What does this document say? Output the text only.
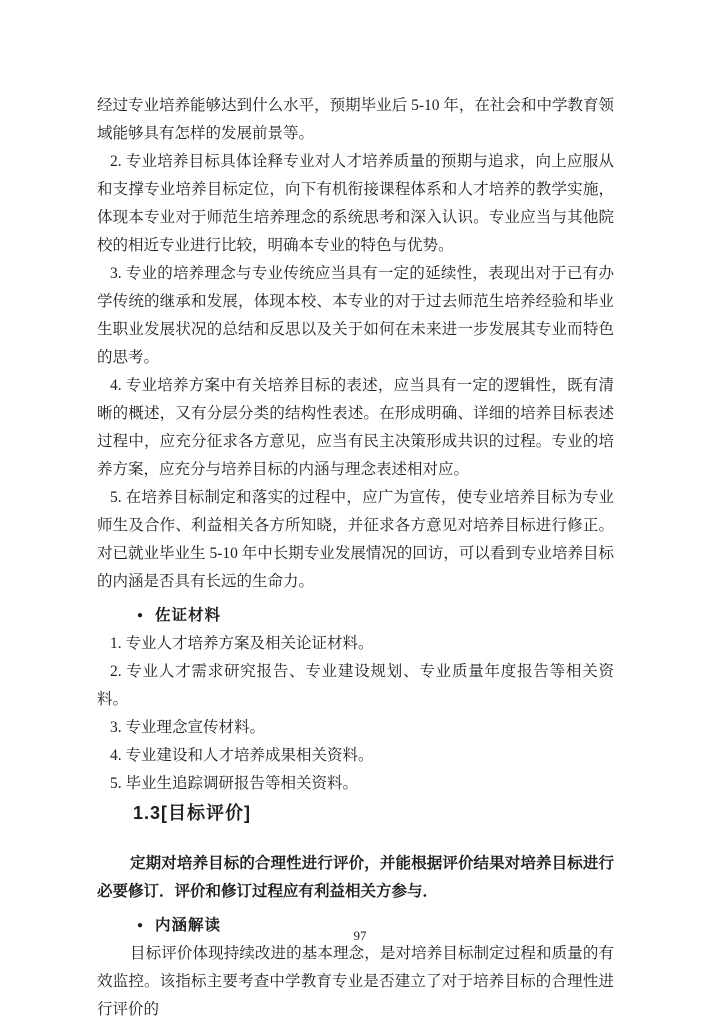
经过专业培养能够达到什么水平，预期毕业后 5-10 年，在社会和中学教育领域能够具有怎样的发展前景等。

2. 专业培养目标具体诠释专业对人才培养质量的预期与追求，向上应服从和支撑专业培养目标定位，向下有机衔接课程体系和人才培养的教学实施，体现本专业对于师范生培养理念的系统思考和深入认识。专业应当与其他院校的相近专业进行比较，明确本专业的特色与优势。

3. 专业的培养理念与专业传统应当具有一定的延续性，表现出对于已有办学传统的继承和发展，体现本校、本专业的对于过去师范生培养经验和毕业生职业发展状况的总结和反思以及关于如何在未来进一步发展其专业而特色的思考。

4. 专业培养方案中有关培养目标的表述，应当具有一定的逻辑性，既有清晰的概述，又有分层分类的结构性表述。在形成明确、详细的培养目标表述过程中，应充分征求各方意见，应当有民主决策形成共识的过程。专业的培养方案，应充分与培养目标的内涵与理念表述相对应。

5. 在培养目标制定和落实的过程中，应广为宣传，使专业培养目标为专业师生及合作、利益相关各方所知晓，并征求各方意见对培养目标进行修正。对已就业毕业生 5-10 年中长期专业发展情况的回访，可以看到专业培养目标的内涵是否具有长远的生命力。

● 佐证材料

1. 专业人才培养方案及相关论证材料。

2. 专业人才需求研究报告、专业建设规划、专业质量年度报告等相关资料。

3. 专业理念宣传材料。

4. 专业建设和人才培养成果相关资料。

5. 毕业生追踪调研报告等相关资料。

1.3[目标评价]

定期对培养目标的合理性进行评价，并能根据评价结果对培养目标进行必要修订．评价和修订过程应有利益相关方参与．

● 内涵解读

目标评价体现持续改进的基本理念，是对培养目标制定过程和质量的有效监控。该指标主要考查中学教育专业是否建立了对于培养目标的合理性进行评价的

97
